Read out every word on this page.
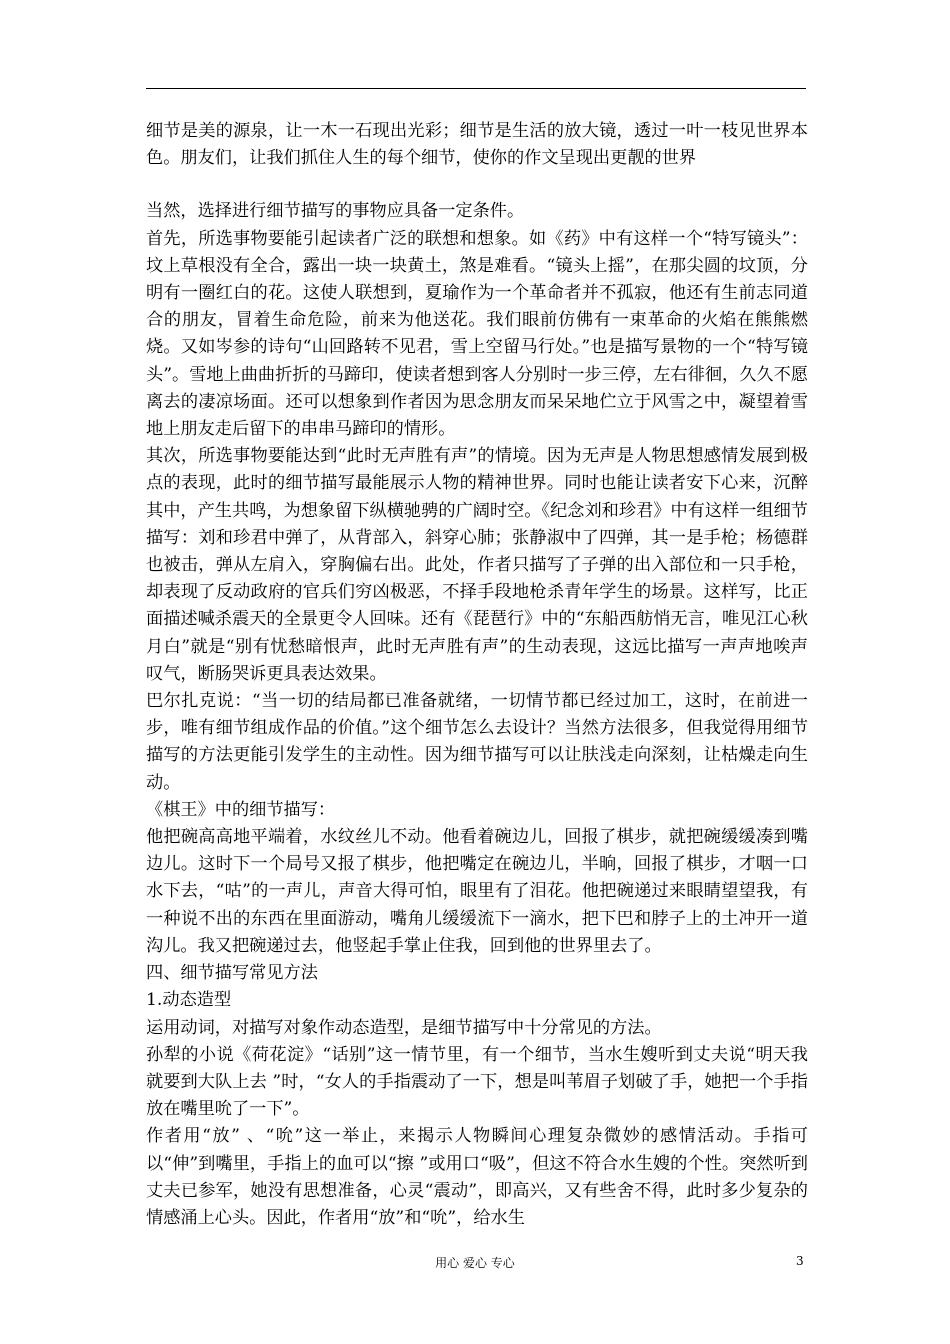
细节是美的源泉，让一木一石现出光彩；细节是生活的放大镜，透过一叶一枝见世界本色。朋友们，让我们抓住人生的每个细节，使你的作文呈现出更靓的世界

当然，选择进行细节描写的事物应具备一定条件。

首先，所选事物要能引起读者广泛的联想和想象。如《药》中有这样一个“特写镜头”：坟上草根没有全合，露出一块一块黄土，煞是难看。“镜头上摇”，在那尖圆的坟顶，分明有一圈红白的花。这使人联想到，夏瑜作为一个革命者并不孤寂，他还有生前志同道合的朋友，冒着生命危险，前来为他送花。我们眼前仿佛有一束革命的火焰在熊熊燃烧。又如岑参的诗句“山回路转不见君，雪上空留马行处。”也是描写景物的一个“特写镜头”。雪地上曲曲折折的马蹄印，使读者想到客人分别时一步三停，左右徘徊，久久不愿离去的凄凉场面。还可以想象到作者因为思念朋友而呆呆地伫立于风雪之中，凝望着雪地上朋友走后留下的串串马蹄印的情形。

其次，所选事物要能达到“此时无声胜有声”的情境。因为无声是人物思想感情发展到极点的表现，此时的细节描写最能展示人物的精神世界。同时也能让读者安下心来，沉醉其中，产生共鸣，为想象留下纵横驰骋的广阔时空。《纪念刘和珍君》中有这样一组细节描写：刘和珍君中弹了，从背部入，斜穿心肺；张静淑中了四弹，其一是手枪；杨德群也被击，弹从左肩入，穿胸偏右出。此处，作者只描写了子弹的出入部位和一只手枪，却表现了反动政府的官兵们穷凶极恶，不择手段地枪杀青年学生的场景。这样写，比正面描述喊杀震天的全景更令人回味。还有《琵琶行》中的“东船西舫悄无言，唯见江心秋月白”就是“别有忧愁暗恨声，此时无声胜有声”的生动表现，这远比描写一声声地唉声叹气，断肠哭诉更具表达效果。

巴尔扎克说：“当一切的结局都已准备就绪，一切情节都已经过加工，这时，在前进一步，唯有细节组成作品的价值。”这个细节怎么去设计？当然方法很多，但我觉得用细节描写的方法更能引发学生的主动性。因为细节描写可以让肤浅走向深刻，让枯燥走向生动。

《棋王》中的细节描写：

他把碗高高地平端着，水纹丝儿不动。他看着碗边儿，回报了棋步，就把碗缓缓凑到嘴边儿。这时下一个局号又报了棋步，他把嘴定在碗边儿，半晌，回报了棋步，才咽一口水下去，“咕”的一声儿，声音大得可怕，眼里有了泪花。他把碗递过来眼睛望望我，有一种说不出的东西在里面游动，嘴角儿缓缓流下一滴水，把下巴和脖子上的土冲开一道沟儿。我又把碗递过去，他竖起手掌止住我，回到他的世界里去了。

四、细节描写常见方法

1.动态造型

运用动词，对描写对象作动态造型，是细节描写中十分常见的方法。

孙犁的小说《荷花淀》“话别”这一情节里，有一个细节，当水生嫂听到丈夫说“明天我就要到大队上去 ”时，“女人的手指震动了一下，想是叫苇眉子划破了手，她把一个手指放在嘴里吮了一下”。

作者用“放” 、“吮”这一举止，来揭示人物瞬间心理复杂微妙的感情活动。手指可以“伸”到嘴里，手指上的血可以“擦 ”或用口“吸”，但这不符合水生嫂的个性。突然听到丈夫已参军，她没有思想准备，心灵“震动”，即高兴，又有些舍不得，此时多少复杂的情感涌上心头。因此，作者用“放”和“吮”，给水生

用心 爱心 专心	3
